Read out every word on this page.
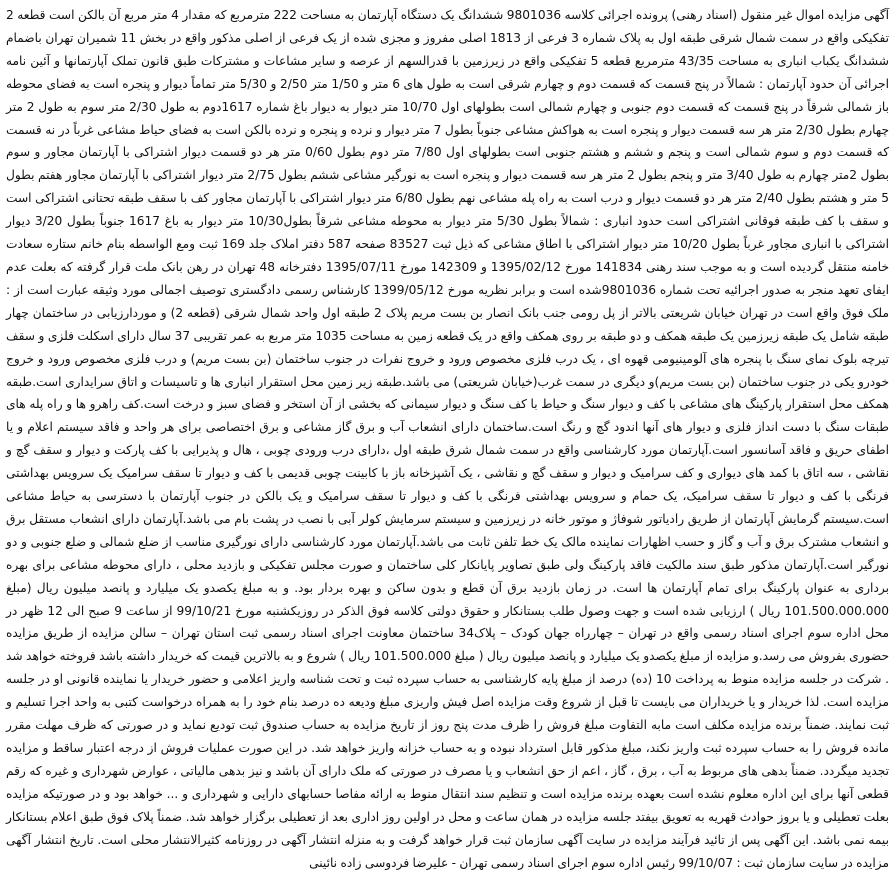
آگهی مزایده اموال غیر منقول (اسناد رهنی) پرونده اجرائی کلاسه 9801036 ششدانگ یک دستگاه آپارتمان به مساحت 222 مترمربع که مقدار 4 متر مربع آن بالکن است قطعه 2 تفکیکی واقع در سمت شمال شرقی طبقه اول به پلاک شماره 3 فرعی از 1813 اصلی مفروز و مجزی شده از یک فرعی از اصلی مذکور واقع در بخش 11 شمیران تهران باضمام ششدانگ یکباب انباری به مساحت 43/35 مترمربع قطعه 5 تفکیکی واقع در زیرزمین با قدرالسهم از عرصه و سایر مشاعات و مشترکات طبق قانون تملک آپارتمانها و آئین نامه اجرائی آن حدود آپارتمان : شمالاً در پنج قسمت که قسمت دوم و چهارم شرقی است به طول های 6 متر و 1/50 متر 2/50 و 5/30 متر تماماً دیوار و پنجره است به فضای محوطه باز شمالی شرقاً در پنج قسمت که قسمت دوم جنوبی و چهارم شمالی است بطولهای اول 10/70 متر دیوار به دیوار باغ شماره 1617دوم به طول 2/30 متر سوم به طول 2 متر چهارم بطول 2/30 متر هر سه قسمت دیوار و پنجره است به هواکش مشاعی جنوباً بطول 7 متر دیوار و نرده و پنجره و نرده بالکن است به فضای حیاط مشاعی غرباً در نه قسمت که قسمت دوم و سوم شمالی است و پنجم و ششم و هشتم جنوبی است بطولهای اول 7/80 متر دوم بطول 0/60 متر هر دو قسمت دیوار اشتراکی با آپارتمان مجاور و سوم بطول 2متر چهارم به طول 3/40 متر و پنجم بطول 2 متر هر سه قسمت دیوار و پنجره است به نورگیر مشاعی ششم بطول 2/75 متر دیوار اشتراکی با آپارتمان مجاور هفتم بطول 5 متر و هشتم بطول 2/40 متر هر دو قسمت دیوار و درب است به راه پله مشاعی نهم بطول 6/80 متر دیوار اشتراکی با آپارتمان مجاور کف با سقف طبقه تحتانی اشتراکی است و سقف با کف طبقه فوقانی اشتراکی است حدود انباری : شمالاً بطول 5/30 متر دیوار به محوطه مشاعی شرقاً بطول10/30 متر دیوار به باغ 1617 جنوباً بطول 3/20 دیوار اشتراکی با انباری مجاور غرباً بطول 10/20 متر دیوار اشتراکی با اطاق مشاعی که ذیل ثبت 83527 صفحه 587 دفتر املاک جلد 169 ثبت ومع الواسطه بنام خانم ستاره سعادت خامنه منتقل گردیده است و به موجب سند رهنی 141834 مورخ 1395/02/12 و 142309 مورخ 1395/07/11 دفترخانه 48 تهران در رهن بانک ملت قرار گرفته که بعلت عدم ایفای تعهد منجر به صدور اجرائیه تحت شماره 9801036شده است و برابر نظریه مورخ 1399/05/12 کارشناس رسمی دادگستری توصیف اجمالی مورد وثیقه عبارت است از : ملک فوق واقع است در تهران خیابان شریعتی بالاتر از پل رومی جنب بانک انصار بن بست مریم پلاک 2 طبقه اول واحد شمال شرقی (قطعه 2) و موردارزیابی در ساختمان چهار طبقه شامل یک طبقه زیرزمین یک طبقه همکف و دو طبقه بر روی همکف واقع در یک قطعه زمین به مساحت 1035 متر مربع به عمر تقریبی 37 سال دارای اسکلت فلزی و سقف تیرچه بلوک نمای سنگ با پنجره های آلومینیومی قهوه ای ، یک درب فلزی مخصوص ورود و خروج نفرات در جنوب ساختمان (بن بست مریم) و درب فلزی مخصوص ورود و خروج خودرو یکی در جنوب ساختمان (بن بست مریم)و دیگری در سمت غرب(خیابان شریعتی) می باشد.طبقه زیر زمین محل استقرار انباری ها و تاسیسات و اتاق سرایداری است.طبقه همکف محل استقرار پارکینگ های مشاعی با کف و دیوار سنگ و حیاط با کف سنگ و دیوار سیمانی که بخشی از آن استخر و فضای سبز و درخت است.کف راهرو ها و راه پله های طبقات سنگ با دست انداز فلزی و دیوار های آنها اندود گچ و رنگ است.ساختمان دارای انشعاب آب و برق گاز مشاعی و برق اختصاصی برای هر واحد و فاقد سیستم اعلام و یا اطفای حریق و فاقد آسانسور است.آپارتمان مورد کارشناسی واقع در سمت شمال شرق طبقه اول ،دارای درب ورودی چوبی ، هال و پذیرایی با کف پارکت و دیوار و سقف گچ و نقاشی ، سه اتاق با کمد های دیواری و کف سرامیک و دیوار و سقف گچ و نقاشی ، یک آشپزخانه باز با کابینت چوبی قدیمی با کف و دیوار تا سقف سرامیک یک سرویس بهداشتی فرنگی با کف و دیوار تا سقف سرامیک، یک حمام و سرویس بهداشتی فرنگی با کف و دیوار تا سقف سرامیک و یک بالکن در جنوب آپارتمان با دسترسی به حیاط مشاعی است.سیستم گرمایش آپارتمان از طریق رادیاتور شوفاژ و موتور خانه در زیرزمین و سیستم سرمایش کولر آبی با نصب در پشت بام می باشد.آپارتمان دارای انشعاب مستقل برق و انشعاب مشترک برق و آب و گاز و حسب اظهارات نماینده مالک یک خط تلفن ثابت می باشد.آپارتمان مورد کارشناسی دارای نورگیری مناسب از ضلع شمالی و ضلع جنوبی و دو نورگیر است.آپارتمان مذکور طبق سند مالکیت فاقد پارکینگ ولی طبق تصاویر پایانکار کلی ساختمان و صورت مجلس تفکیکی و بازدید محلی ، دارای محوطه مشاعی برای بهره برداری به عنوان پارکینگ برای تمام آپارتمان ها است. در زمان بازدید برق آن قطع و بدون ساکن و بهره بردار بود. و به مبلغ یکصدو یک میلیارد و پانصد میلیون ریال (مبلغ 101.500.000.000 ریال ) ارزیابی شده است و جهت وصول طلب بستانکار و حقوق دولتی کلاسه فوق الذکر در روزیکشنبه مورخ 99/10/21 از ساعت 9 صبح الی 12 ظهر در محل اداره سوم اجرای اسناد رسمی واقع در تهران – چهارراه جهان کودک – پلاک34 ساختمان معاونت اجرای اسناد رسمی ثبت استان تهران – سالن مزایده از طریق مزایده حضوری بفروش می رسد.و مزایده از مبلغ یکصدو یک میلیارد و پانصد میلیون ریال ( مبلغ 101.500.000 ریال ) شروع و به بالاترین قیمت که خریدار داشته باشد فروخته خواهد شد . شرکت در جلسه مزایده منوط به پرداخت 10 (ده) درصد از مبلغ پایه کارشناسی به حساب سپرده ثبت و تحت شناسه واریز اعلامی و حضور خریدار یا نماینده قانونی او در جلسه مزایده است. لذا خریدار و یا خریداران می بایست تا قبل از شروع وقت مزایده اصل فیش واریزی مبلغ ودیعه ده درصد بنام خود را به همراه درخواست کتبی به واحد اجرا تسلیم و ثبت نمایند. ضمناً برنده مزایده مکلف است مابه التفاوت مبلغ فروش را ظرف مدت پنج روز از تاریخ مزایده به حساب صندوق ثبت تودیع نماید و در صورتی که ظرف مهلت مقرر مانده فروش را به حساب سپرده ثبت واریز نکند، مبلغ مذکور قابل استرداد نبوده و به حساب خزانه واریز خواهد شد. در این صورت عملیات فروش از درجه اعتبار ساقط و مزایده تجدید میگردد. ضمناً بدهی های مربوط به آب ، برق ، گاز ، اعم از حق انشعاب و یا مصرف در صورتی که ملک دارای آن باشد و نیز بدهی مالیاتی ، عوارض شهرداری و غیره که رقم قطعی آنها برای این اداره معلوم نشده است بعهده برنده مزایده است و تنظیم سند انتقال منوط به ارائه مفاصا حسابهای دارایی و شهرداری و ... خواهد بود و در صورتیکه مزایده بعلت تعطیلی و یا بروز حوادث قهریه به تعویق بیفتد جلسه مزایده در همان ساعت و محل در اولین روز اداری بعد از تعطیلی برگزار خواهد شد. ضمناً پلاک فوق طبق اعلام بستانکار بیمه نمی باشد. این آگهی پس از تائید فرآیند مزایده در سایت آگهی سازمان ثبت قرار خواهد گرفت و به منزله انتشار آگهی در روزنامه کثیرالانتشار محلی است. تاریخ انتشار آگهی مزایده در سایت سازمان ثبت : 99/10/07 رئیس اداره سوم اجرای اسناد رسمی تهران - علیرضا فردوسی زاده نائینی
